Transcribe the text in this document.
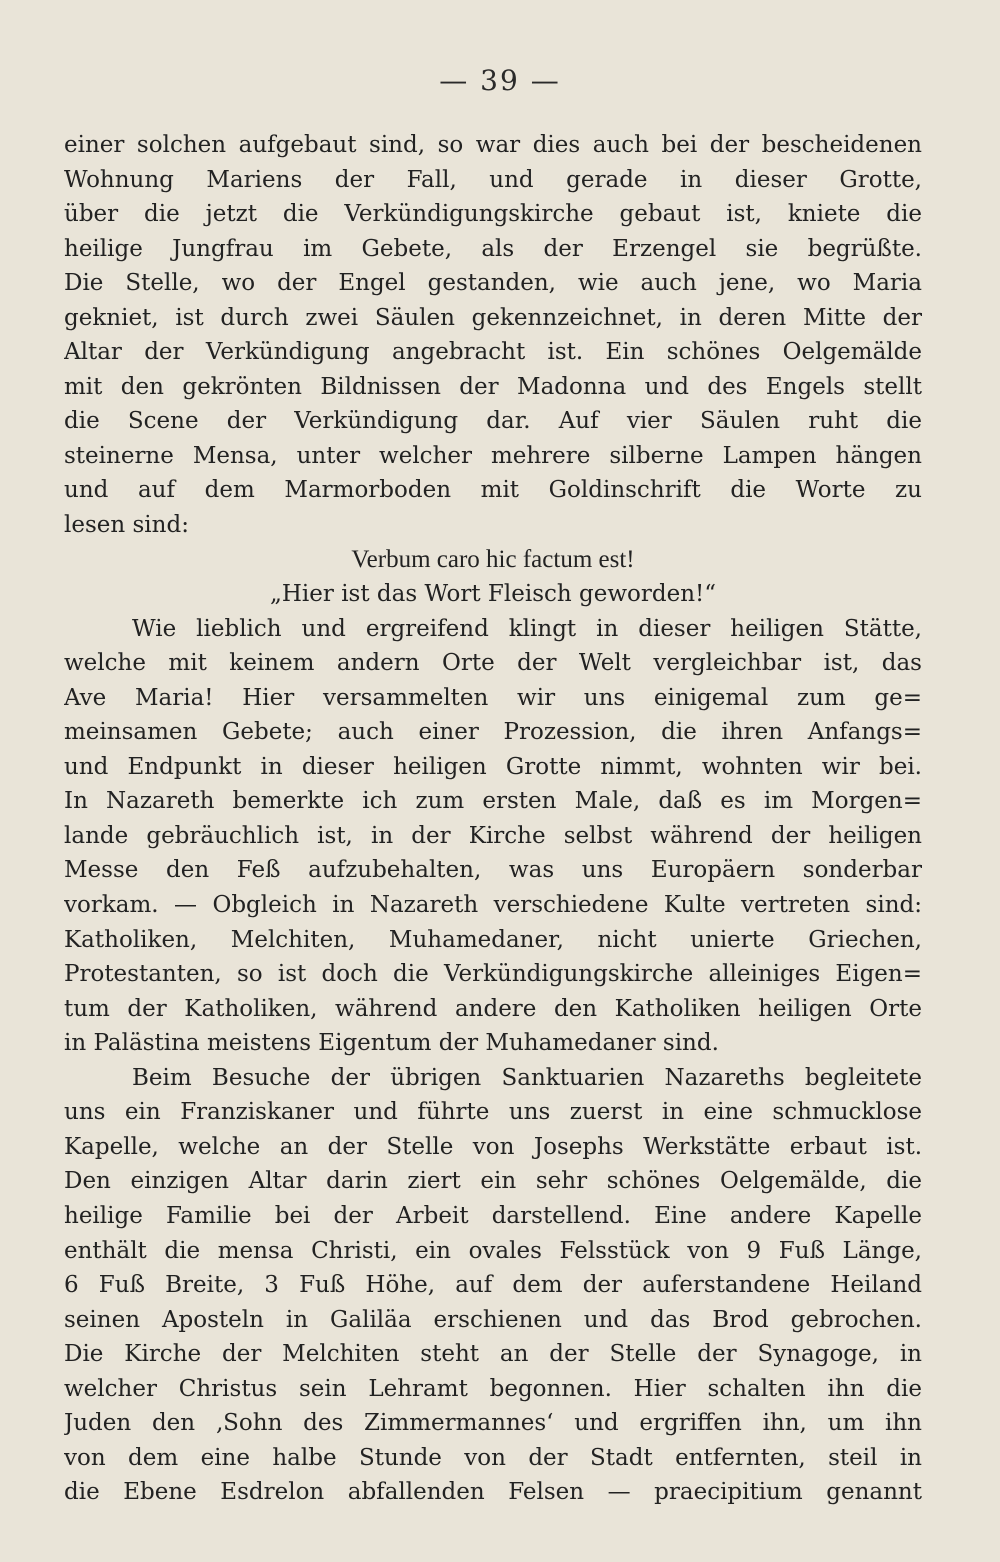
— 39 —
einer solchen aufgebaut sind, so war dies auch bei der bescheidenen
Wohnung Mariens der Fall, und gerade in dieser Grotte,
über die jetzt die Verkündigungskirche gebaut ist, kniete die
heilige Jungfrau im Gebete, als der Erzengel sie begrüßte.
Die Stelle, wo der Engel gestanden, wie auch jene, wo Maria
gekniet, ist durch zwei Säulen gekennzeichnet, in deren Mitte der
Altar der Verkündigung angebracht ist. Ein schönes Oelgemälde
mit den gekrönten Bildnissen der Madonna und des Engels stellt
die Scene der Verkündigung dar. Auf vier Säulen ruht die
steinerne Mensa, unter welcher mehrere silberne Lampen hängen
und auf dem Marmorboden mit Goldinschrift die Worte zu
lesen sind:
Verbum caro hic factum est!
„Hier ist das Wort Fleisch geworden!“
Wie lieblich und ergreifend klingt in dieser heiligen Stätte,
welche mit keinem andern Orte der Welt vergleichbar ist, das
Ave Maria! Hier versammelten wir uns einigemal zum ge=
meinsamen Gebete; auch einer Prozession, die ihren Anfangs=
und Endpunkt in dieser heiligen Grotte nimmt, wohnten wir bei.
In Nazareth bemerkte ich zum ersten Male, daß es im Morgen=
lande gebräuchlich ist, in der Kirche selbst während der heiligen
Messe den Feß aufzubehalten, was uns Europäern sonderbar
vorkam. — Obgleich in Nazareth verschiedene Kulte vertreten sind:
Katholiken, Melchiten, Muhamedaner, nicht unierte Griechen,
Protestanten, so ist doch die Verkündigungskirche alleiniges Eigen=
tum der Katholiken, während andere den Katholiken heiligen Orte
in Palästina meistens Eigentum der Muhamedaner sind.
Beim Besuche der übrigen Sanktuarien Nazareths begleitete
uns ein Franziskaner und führte uns zuerst in eine schmucklose
Kapelle, welche an der Stelle von Josephs Werkstätte erbaut ist.
Den einzigen Altar darin ziert ein sehr schönes Oelgemälde, die
heilige Familie bei der Arbeit darstellend. Eine andere Kapelle
enthält die mensa Christi, ein ovales Felsstück von 9 Fuß Länge,
6 Fuß Breite, 3 Fuß Höhe, auf dem der auferstandene Heiland
seinen Aposteln in Galiläa erschienen und das Brod gebrochen.
Die Kirche der Melchiten steht an der Stelle der Synagoge, in
welcher Christus sein Lehramt begonnen. Hier schalten ihn die
Juden den ‚Sohn des Zimmermannes‘ und ergriffen ihn, um ihn
von dem eine halbe Stunde von der Stadt entfernten, steil in
die Ebene Esdrelon abfallenden Felsen — praecipitium genannt
